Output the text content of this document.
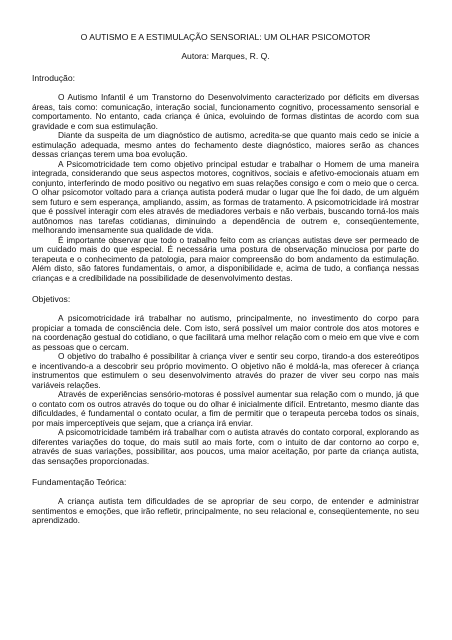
O AUTISMO E A ESTIMULAÇÃO SENSORIAL: UM OLHAR PSICOMOTOR

Autora: Marques, R. Q.

Introdução:

O Autismo Infantil é um Transtorno do Desenvolvimento caracterizado por déficits em diversas áreas, tais como: comunicação, interação social, funcionamento cognitivo, processamento sensorial e comportamento. No entanto, cada criança é única, evoluindo de formas distintas de acordo com sua gravidade e com sua estimulação.

Diante da suspeita de um diagnóstico de autismo, acredita-se que quanto mais cedo se inicie a estimulação adequada, mesmo antes do fechamento deste diagnóstico, maiores serão as chances dessas crianças terem uma boa evolução.

A Psicomotricidade tem como objetivo principal estudar e trabalhar o Homem de uma maneira integrada, considerando que seus aspectos motores, cognitivos, sociais e afetivo-emocionais atuam em conjunto, interferindo de modo positivo ou negativo em suas relações consigo e com o meio que o cerca. O olhar psicomotor voltado para a criança autista poderá mudar o lugar que lhe foi dado, de um alguém sem futuro e sem esperança, ampliando, assim, as formas de tratamento. A psicomotricidade irá mostrar que é possível interagir com eles através de mediadores verbais e não verbais, buscando torná-los mais autônomos nas tarefas cotidianas, diminuindo a dependência de outrem e, conseqüentemente, melhorando imensamente sua qualidade de vida.

É importante observar que todo o trabalho feito com as crianças autistas deve ser permeado de um cuidado mais do que especial. É necessária uma postura de observação minuciosa por parte do terapeuta e o conhecimento da patologia, para maior compreensão do bom andamento da estimulação. Além disto, são fatores fundamentais, o amor, a disponibilidade e, acima de tudo, a confiança nessas crianças e a credibilidade na possibilidade de desenvolvimento destas.

Objetivos:

A psicomotricidade irá trabalhar no autismo, principalmente, no investimento do corpo para propiciar a tomada de consciência dele. Com isto, será possível um maior controle dos atos motores e na coordenação gestual do cotidiano, o que facilitará uma melhor relação com o meio em que vive e com as pessoas que o cercam.

O objetivo do trabalho é possibilitar à criança viver e sentir seu corpo, tirando-a dos estereótipos e incentivando-a a descobrir seu próprio movimento. O objetivo não é moldá-la, mas oferecer à criança instrumentos que estimulem o seu desenvolvimento através do prazer de viver seu corpo nas mais variáveis relações.

Através de experiências sensório-motoras é possível aumentar sua relação com o mundo, já que o contato com os outros através do toque ou do olhar é inicialmente difícil. Entretanto, mesmo diante das dificuldades, é fundamental o contato ocular, a fim de permitir que o terapeuta perceba todos os sinais, por mais imperceptíveis que sejam, que a criança irá enviar.

A psicomotricidade também irá trabalhar com o autista através do contato corporal, explorando as diferentes variações do toque, do mais sutil ao mais forte, com o intuito de dar contorno ao corpo e, através de suas variações, possibilitar, aos poucos, uma maior aceitação, por parte da criança autista, das sensações proporcionadas.

Fundamentação Teórica:

A criança autista tem dificuldades de se apropriar de seu corpo, de entender e administrar sentimentos e emoções, que irão refletir, principalmente, no seu relacional e, conseqüentemente, no seu aprendizado.
